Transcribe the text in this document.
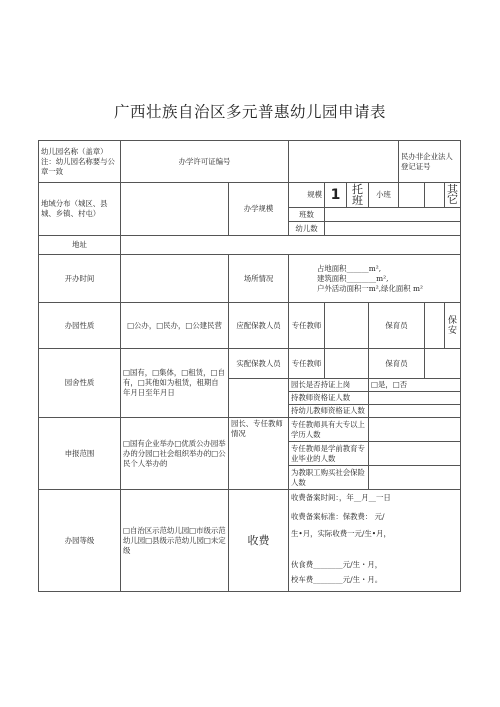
广西壮族自治区多元普惠幼儿园申请表
幼儿园名称（盖章）注：幼儿园名称要与公章一致	办学许可证编号						民办非企业法人登记证号		
地域分布（城区、县城、乡镇、村屯）		办学规模	规模	1	托班	小班			其它
			班数						
			幼儿数						
地址									
开办时间		场所情况	占地面积______m²,
建筑面积________m²,
户外活动面积一m²,绿化面积 m²						

办园性质	□公办，□民办，□公建民营	应配保教人员	专任教师			保育员			保安
园舍性质	□国有，□集体，□租赁，□自有，□其他如为租赁，租期自年月日至年月日	实配保教人员	专任教师			保育员			
			园长是否持证上岗			□是，□否			
			持教师资格证人数						
			持幼儿教师资格证人数						
申报范围	□国有企业举办□优质公办园举办的分园□社会组织举办的□公民个人举办的	园长、专任教师情况	专任教师具有大专以上学历人数						
			专任教师是学前教育专业毕业的人数						
			为教职工购买社会保险人数						
办园等级	□自治区示范幼儿园□市级示范幼儿园□县级示范幼儿园□未定级	收费	收费备案时间：，年__月__一日
收费备案标准：保教费： 元/
生•月，实际收费一元/生•月，
伙食费________元/生・月，
校车费________元/生・月。						
